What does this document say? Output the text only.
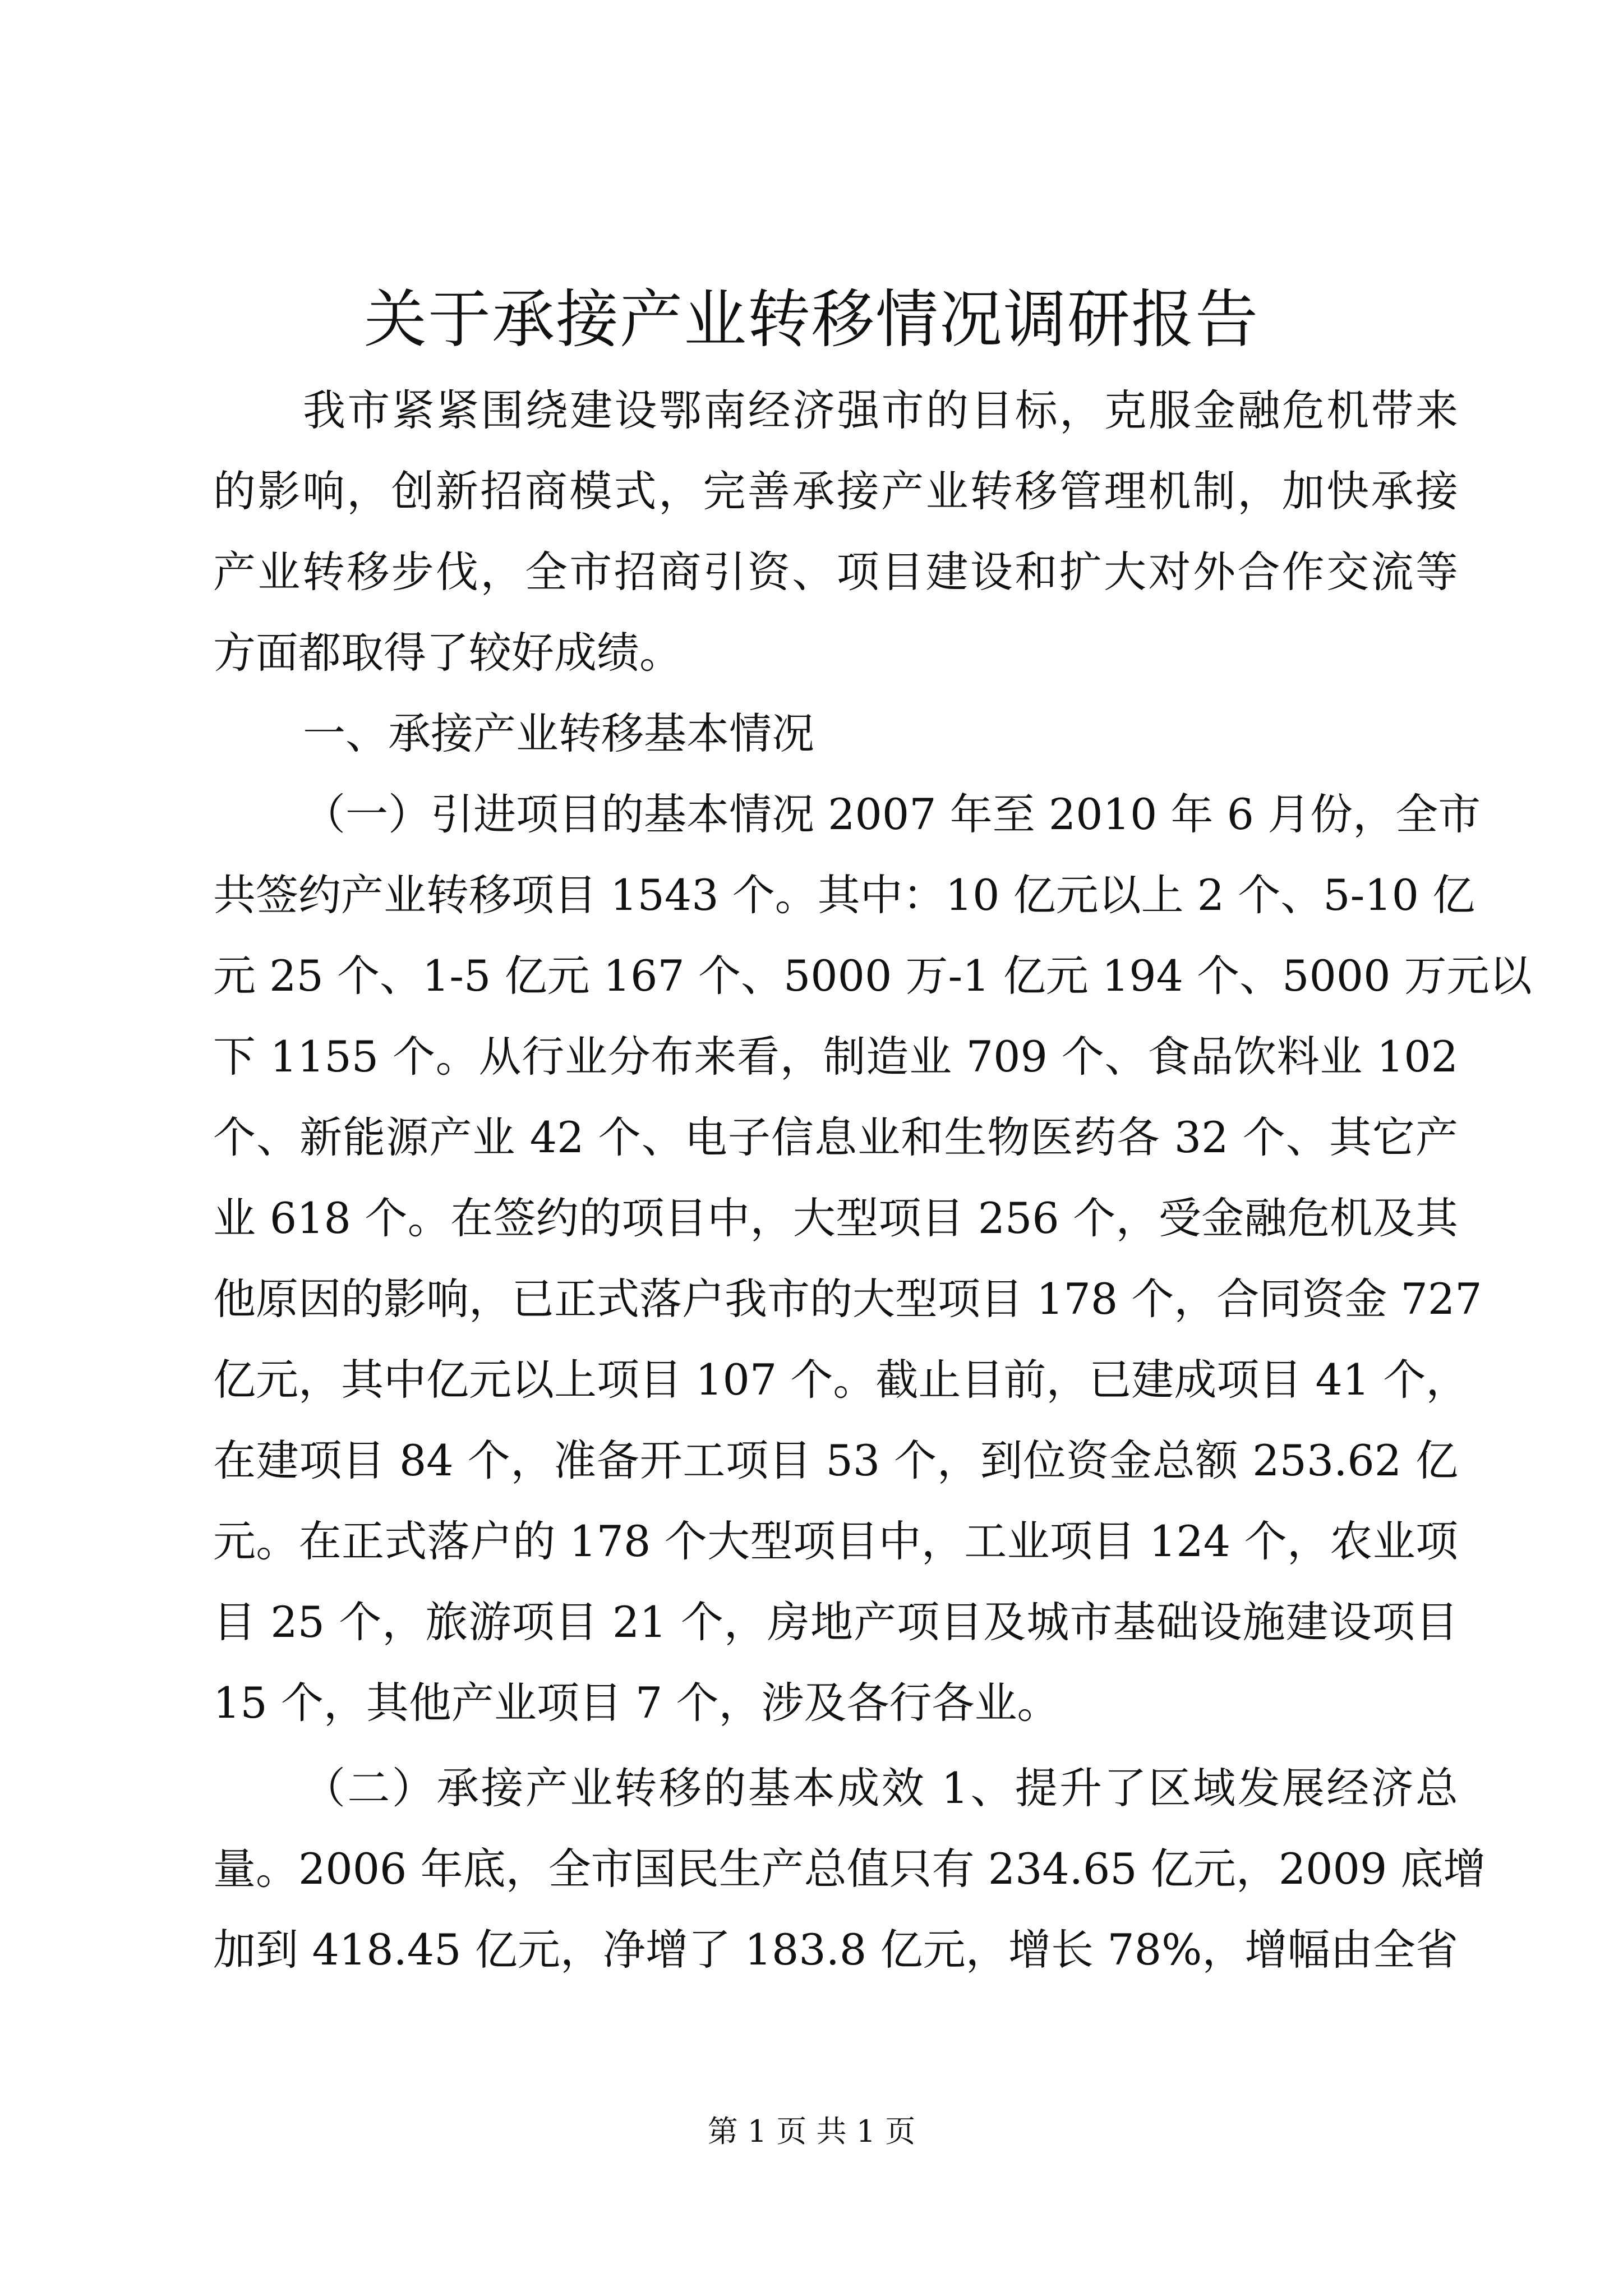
关于承接产业转移情况调研报告
我市紧紧围绕建设鄂南经济强市的目标，克服金融危机带来
的影响，创新招商模式，完善承接产业转移管理机制，加快承接
产业转移步伐，全市招商引资、项目建设和扩大对外合作交流等
方面都取得了较好成绩。
一、承接产业转移基本情况
（一）引进项目的基本情况 2007 年至 2010 年 6 月份，全市
共签约产业转移项目 1543 个。其中：10 亿元以上 2 个、5-10 亿
元 25 个、1-5 亿元 167 个、5000 万-1 亿元 194 个、5000 万元以
下 1155 个。从行业分布来看，制造业 709 个、食品饮料业 102
个、新能源产业 42 个、电子信息业和生物医药各 32 个、其它产
业 618 个。在签约的项目中，大型项目 256 个，受金融危机及其
他原因的影响，已正式落户我市的大型项目 178 个，合同资金 727
亿元，其中亿元以上项目 107 个。截止目前，已建成项目 41 个，
在建项目 84 个，准备开工项目 53 个，到位资金总额 253.62 亿
元。在正式落户的 178 个大型项目中，工业项目 124 个，农业项
目 25 个，旅游项目 21 个，房地产项目及城市基础设施建设项目
15 个，其他产业项目 7 个，涉及各行各业。
（二）承接产业转移的基本成效 1、提升了区域发展经济总
量。2006 年底，全市国民生产总值只有 234.65 亿元，2009 底增
加到 418.45 亿元，净增了 183.8 亿元，增长 78%，增幅由全省
第 1 页 共 1 页
